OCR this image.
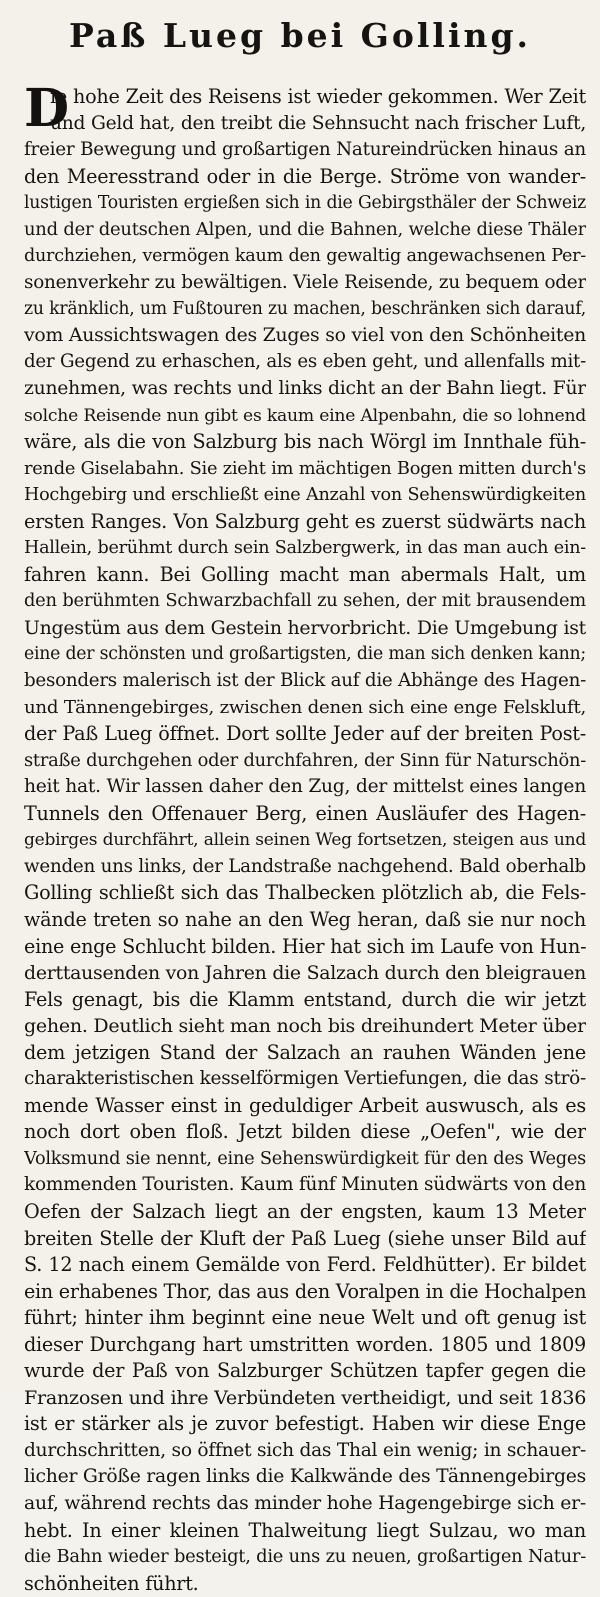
Paß Lueg bei Golling.
D
ie hohe Zeit des Reisens ist wieder gekommen. Wer Zeit
und Geld hat, den treibt die Sehnsucht nach frischer Luft,
freier Bewegung und großartigen Natureindrücken hinaus an
den Meeresstrand oder in die Berge. Ströme von wander-
lustigen Touristen ergießen sich in die Gebirgsthäler der Schweiz
und der deutschen Alpen, und die Bahnen, welche diese Thäler
durchziehen, vermögen kaum den gewaltig angewachsenen Per-
sonenverkehr zu bewältigen. Viele Reisende, zu bequem oder
zu kränklich, um Fußtouren zu machen, beschränken sich darauf,
vom Aussichtswagen des Zuges so viel von den Schönheiten
der Gegend zu erhaschen, als es eben geht, und allenfalls mit-
zunehmen, was rechts und links dicht an der Bahn liegt. Für
solche Reisende nun gibt es kaum eine Alpenbahn, die so lohnend
wäre, als die von Salzburg bis nach Wörgl im Innthale füh-
rende Giselabahn. Sie zieht im mächtigen Bogen mitten durch's
Hochgebirg und erschließt eine Anzahl von Sehenswürdigkeiten
ersten Ranges. Von Salzburg geht es zuerst südwärts nach
Hallein, berühmt durch sein Salzbergwerk, in das man auch ein-
fahren kann. Bei Golling macht man abermals Halt, um
den berühmten Schwarzbachfall zu sehen, der mit brausendem
Ungestüm aus dem Gestein hervorbricht. Die Umgebung ist
eine der schönsten und großartigsten, die man sich denken kann;
besonders malerisch ist der Blick auf die Abhänge des Hagen-
und Tännengebirges, zwischen denen sich eine enge Felskluft,
der Paß Lueg öffnet. Dort sollte Jeder auf der breiten Post-
straße durchgehen oder durchfahren, der Sinn für Naturschön-
heit hat. Wir lassen daher den Zug, der mittelst eines langen
Tunnels den Offenauer Berg, einen Ausläufer des Hagen-
gebirges durchfährt, allein seinen Weg fortsetzen, steigen aus und
wenden uns links, der Landstraße nachgehend. Bald oberhalb
Golling schließt sich das Thalbecken plötzlich ab, die Fels-
wände treten so nahe an den Weg heran, daß sie nur noch
eine enge Schlucht bilden. Hier hat sich im Laufe von Hun-
derttausenden von Jahren die Salzach durch den bleigrauen
Fels genagt, bis die Klamm entstand, durch die wir jetzt
gehen. Deutlich sieht man noch bis dreihundert Meter über
dem jetzigen Stand der Salzach an rauhen Wänden jene
charakteristischen kesselförmigen Vertiefungen, die das strö-
mende Wasser einst in geduldiger Arbeit auswusch, als es
noch dort oben floß. Jetzt bilden diese „Oefen", wie der
Volksmund sie nennt, eine Sehenswürdigkeit für den des Weges
kommenden Touristen. Kaum fünf Minuten südwärts von den
Oefen der Salzach liegt an der engsten, kaum 13 Meter
breiten Stelle der Kluft der Paß Lueg (siehe unser Bild auf
S. 12 nach einem Gemälde von Ferd. Feldhütter). Er bildet
ein erhabenes Thor, das aus den Voralpen in die Hochalpen
führt; hinter ihm beginnt eine neue Welt und oft genug ist
dieser Durchgang hart umstritten worden. 1805 und 1809
wurde der Paß von Salzburger Schützen tapfer gegen die
Franzosen und ihre Verbündeten vertheidigt, und seit 1836
ist er stärker als je zuvor befestigt. Haben wir diese Enge
durchschritten, so öffnet sich das Thal ein wenig; in schauer-
licher Größe ragen links die Kalkwände des Tännengebirges
auf, während rechts das minder hohe Hagengebirge sich er-
hebt. In einer kleinen Thalweitung liegt Sulzau, wo man
die Bahn wieder besteigt, die uns zu neuen, großartigen Natur-
schönheiten führt.
